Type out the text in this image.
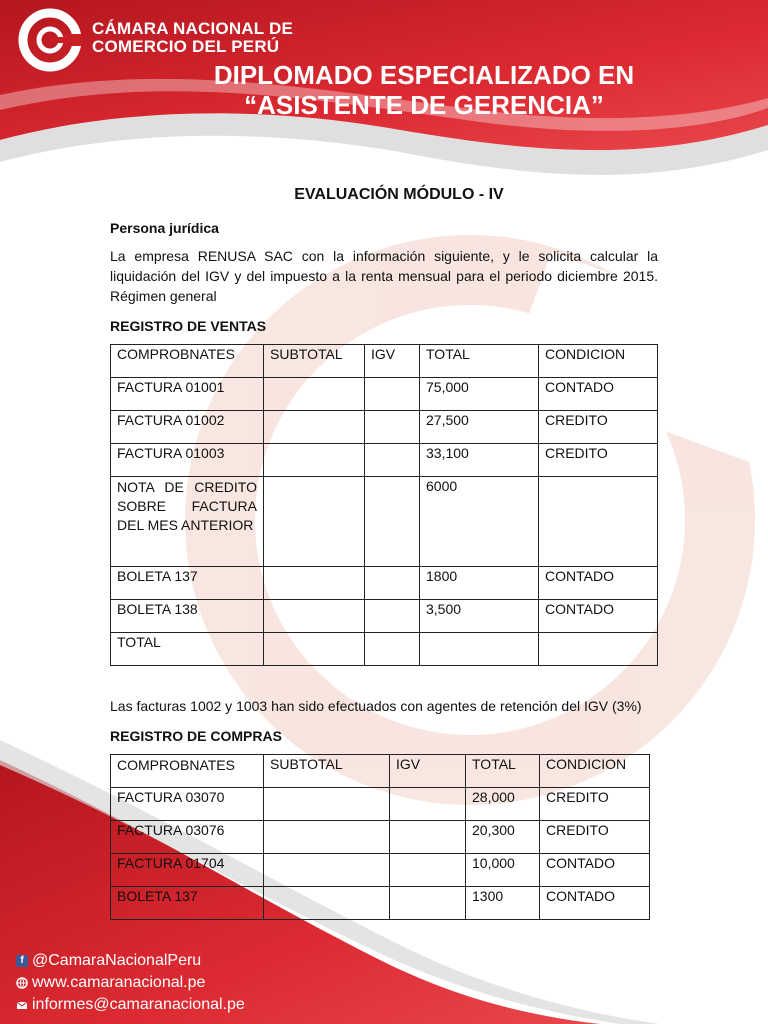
CÁMARA NACIONAL DE
COMERCIO DEL PERÚ
DIPLOMADO ESPECIALIZADO EN
“ASISTENTE DE GERENCIA”
EVALUACIÓN MÓDULO - IV
Persona jurídica

La empresa RENUSA SAC con la información siguiente, y le solicita calcular la liquidación del IGV y del impuesto a la renta mensual para el periodo diciembre 2015. Régimen general

REGISTRO DE VENTAS
COMPROBNATES	SUBTOTAL	IGV	TOTAL	CONDICION
FACTURA 01001			75,000	CONTADO
FACTURA 01002			27,500	CREDITO
FACTURA 01003			33,100	CREDITO
NOTA DE CREDITO SOBRE FACTURA DEL MES ANTERIOR			6000	
BOLETA 137			1800	CONTADO
BOLETA 138			3,500	CONTADO
TOTAL				

Las facturas 1002 y 1003 han sido efectuados con agentes de retención del IGV (3%)

REGISTRO DE COMPRAS
COMPROBNATES	SUBTOTAL	IGV	TOTAL	CONDICION
FACTURA 03070			28,000	CREDITO
FACTURA 03076			20,300	CREDITO
FACTURA 01704			10,000	CONTADO
BOLETA 137			1300	CONTADO
f @CamaraNacionalPeru
www.camaranacional.pe
informes@camaranacional.pe
